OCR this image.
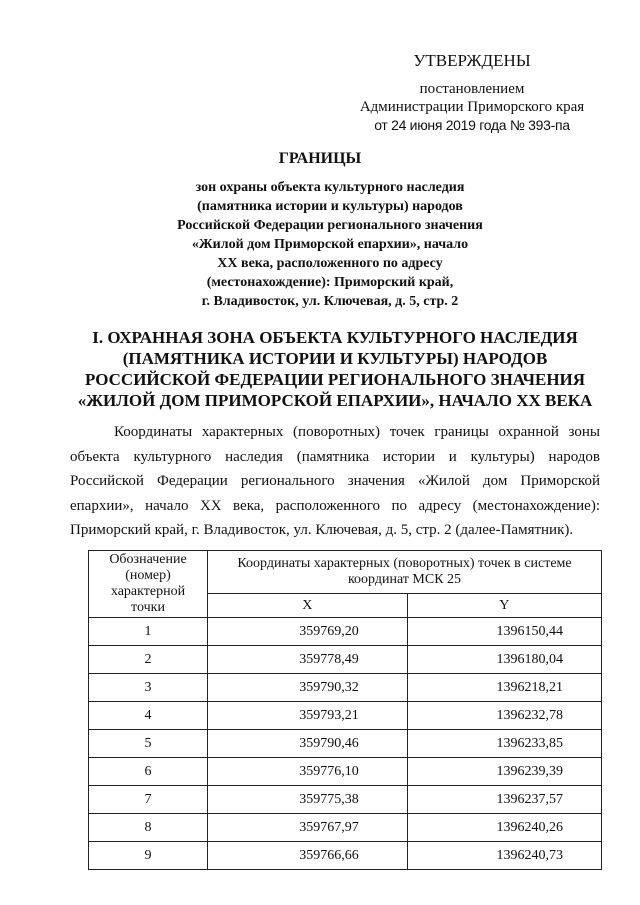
УТВЕРЖДЕНЫ
постановлением
Администрации Приморского края
от 24 июня 2019 года № 393-па
ГРАНИЦЫ
зон охраны объекта культурного наследия
(памятника истории и культуры) народов
Российской Федерации регионального значения
«Жилой дом Приморской епархии», начало
XX века, расположенного по адресу
(местонахождение): Приморский край,
г. Владивосток, ул. Ключевая, д. 5, стр. 2
I. ОХРАННАЯ ЗОНА ОБЪЕКТА КУЛЬТУРНОГО НАСЛЕДИЯ (ПАМЯТНИКА ИСТОРИИ И КУЛЬТУРЫ) НАРОДОВ РОССИЙСКОЙ ФЕДЕРАЦИИ РЕГИОНАЛЬНОГО ЗНАЧЕНИЯ «ЖИЛОЙ ДОМ ПРИМОРСКОЙ ЕПАРХИИ», НАЧАЛО XX ВЕКА
Координаты характерных (поворотных) точек границы охранной зоны объекта культурного наследия (памятника истории и культуры) народов Российской Федерации регионального значения «Жилой дом Приморской епархии», начало XX века, расположенного по адресу (местонахождение): Приморский край, г. Владивосток, ул. Ключевая, д. 5, стр. 2 (далее-Памятник).
Обозначение (номер) характерной точки	Координаты характерных (поворотных) точек в системе координат МСК 25	
	X	Y
1	359769,20	1396150,44
2	359778,49	1396180,04
3	359790,32	1396218,21
4	359793,21	1396232,78
5	359790,46	1396233,85
6	359776,10	1396239,39
7	359775,38	1396237,57
8	359767,97	1396240,26
9	359766,66	1396240,73
